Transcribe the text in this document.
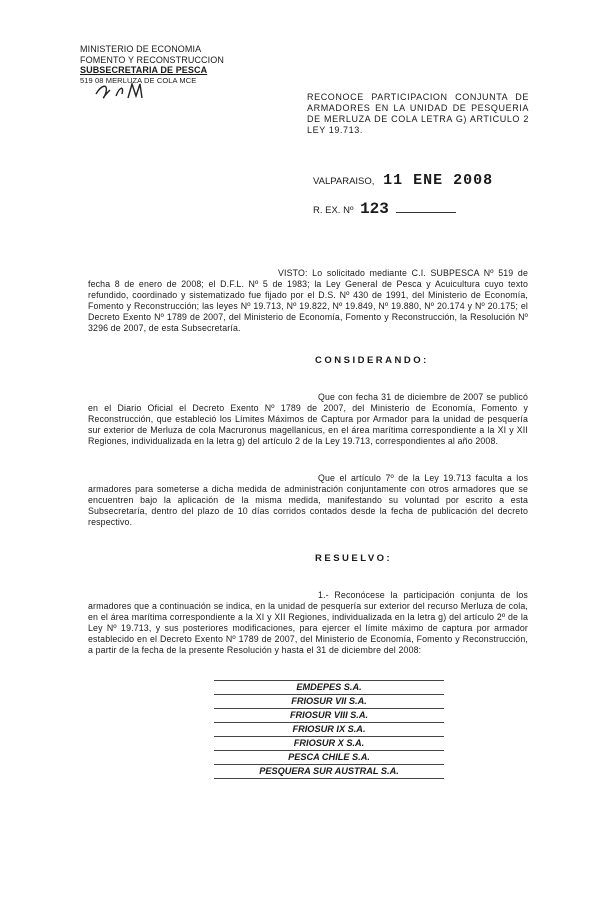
MINISTERIO DE ECONOMIA
FOMENTO Y RECONSTRUCCION
SUBSECRETARIA DE PESCA
519 08 MERLUZA DE COLA MCE
RECONOCE PARTICIPACION CONJUNTA DE ARMADORES EN LA UNIDAD DE PESQUERIA DE MERLUZA DE COLA LETRA G) ARTICULO 2 LEY 19.713.
VALPARAISO, 11 ENE 2008
R. EX. Nº 123
VISTO: Lo solicitado mediante C.I. SUBPESCA Nº 519 de fecha 8 de enero de 2008; el D.F.L. Nº 5 de 1983; la Ley General de Pesca y Acuicultura cuyo texto refundido, coordinado y sistematizado fue fijado por el D.S. Nº 430 de 1991, del Ministerio de Economía, Fomento y Reconstrucción; las leyes Nº 19.713, Nº 19.822, Nº 19.849, Nº 19.880, Nº 20.174 y Nº 20.175; el Decreto Exento Nº 1789 de 2007, del Ministerio de Economía, Fomento y Reconstrucción, la Resolución Nº 3296 de 2007, de esta Subsecretaría.
CONSIDERANDO:
Que con fecha 31 de diciembre de 2007 se publicó en el Diario Oficial el Decreto Exento Nº 1789 de 2007, del Ministerio de Economía, Fomento y Reconstrucción, que estableció los Límites Máximos de Captura por Armador para la unidad de pesquería sur exterior de Merluza de cola Macruronus magellanicus, en el área marítima correspondiente a la XI y XII Regiones, individualizada en la letra g) del artículo 2 de la Ley 19.713, correspondientes al año 2008.
Que el artículo 7º de la Ley 19.713 faculta a los armadores para someterse a dicha medida de administración conjuntamente con otros armadores que se encuentren bajo la aplicación de la misma medida, manifestando su voluntad por escrito a esta Subsecretaría, dentro del plazo de 10 días corridos contados desde la fecha de publicación del decreto respectivo.
RESUELVO:
1.- Reconócese la participación conjunta de los armadores que a continuación se indica, en la unidad de pesquería sur exterior del recurso Merluza de cola, en el área marítima correspondiente a la XI y XII Regiones, individualizada en la letra g) del artículo 2º de la Ley Nº 19.713, y sus posteriores modificaciones, para ejercer el límite máximo de captura por armador establecido en el Decreto Exento Nº 1789 de 2007, del Ministerio de Economía, Fomento y Reconstrucción, a partir de la fecha de la presente Resolución y hasta el 31 de diciembre del 2008:
EMDEPES S.A.
FRIOSUR VII S.A.
FRIOSUR VIII S.A.
FRIOSUR IX S.A.
FRIOSUR X S.A.
PESCA CHILE S.A.
PESQUERA SUR AUSTRAL S.A.
